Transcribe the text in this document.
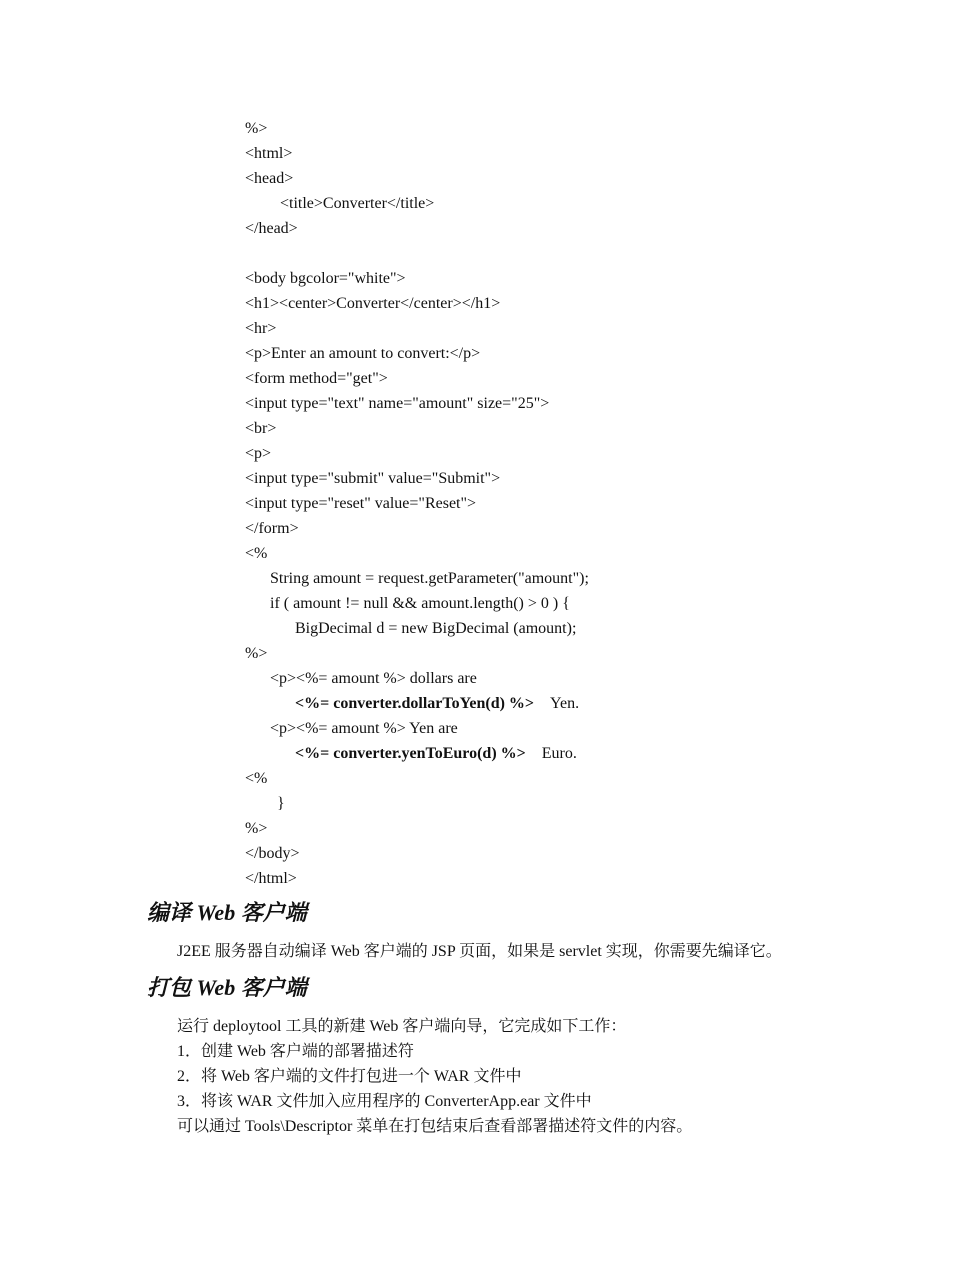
%>
<html>
<head>
<title>Converter</title>
</head>
<body bgcolor="white">
<h1><center>Converter</center></h1>
<hr>
<p>Enter an amount to convert:</p>
<form method="get">
<input type="text" name="amount" size="25">
<br>
<p>
<input type="submit" value="Submit">
<input type="reset" value="Reset">
</form>
<%
String amount = request.getParameter("amount");
if ( amount != null && amount.length() > 0 ) {
BigDecimal d = new BigDecimal (amount);
%>
<p><%= amount %> dollars are
<%= converter.dollarToYen(d) %> Yen.
<p><%= amount %> Yen are
<%= converter.yenToEuro(d) %> Euro.
<%
}
%>
</body>
</html>
编译 Web 客户端

J2EE 服务器自动编译 Web 客户端的 JSP 页面，如果是 servlet 实现，你需要先编译它。

打包 Web 客户端

运行 deploytool 工具的新建 Web 客户端向导，它完成如下工作：

1．创建 Web 客户端的部署描述符

2．将 Web 客户端的文件打包进一个 WAR 文件中

3．将该 WAR 文件加入应用程序的 ConverterApp.ear 文件中

可以通过 Tools\Descriptor 菜单在打包结束后查看部署描述符文件的内容。
